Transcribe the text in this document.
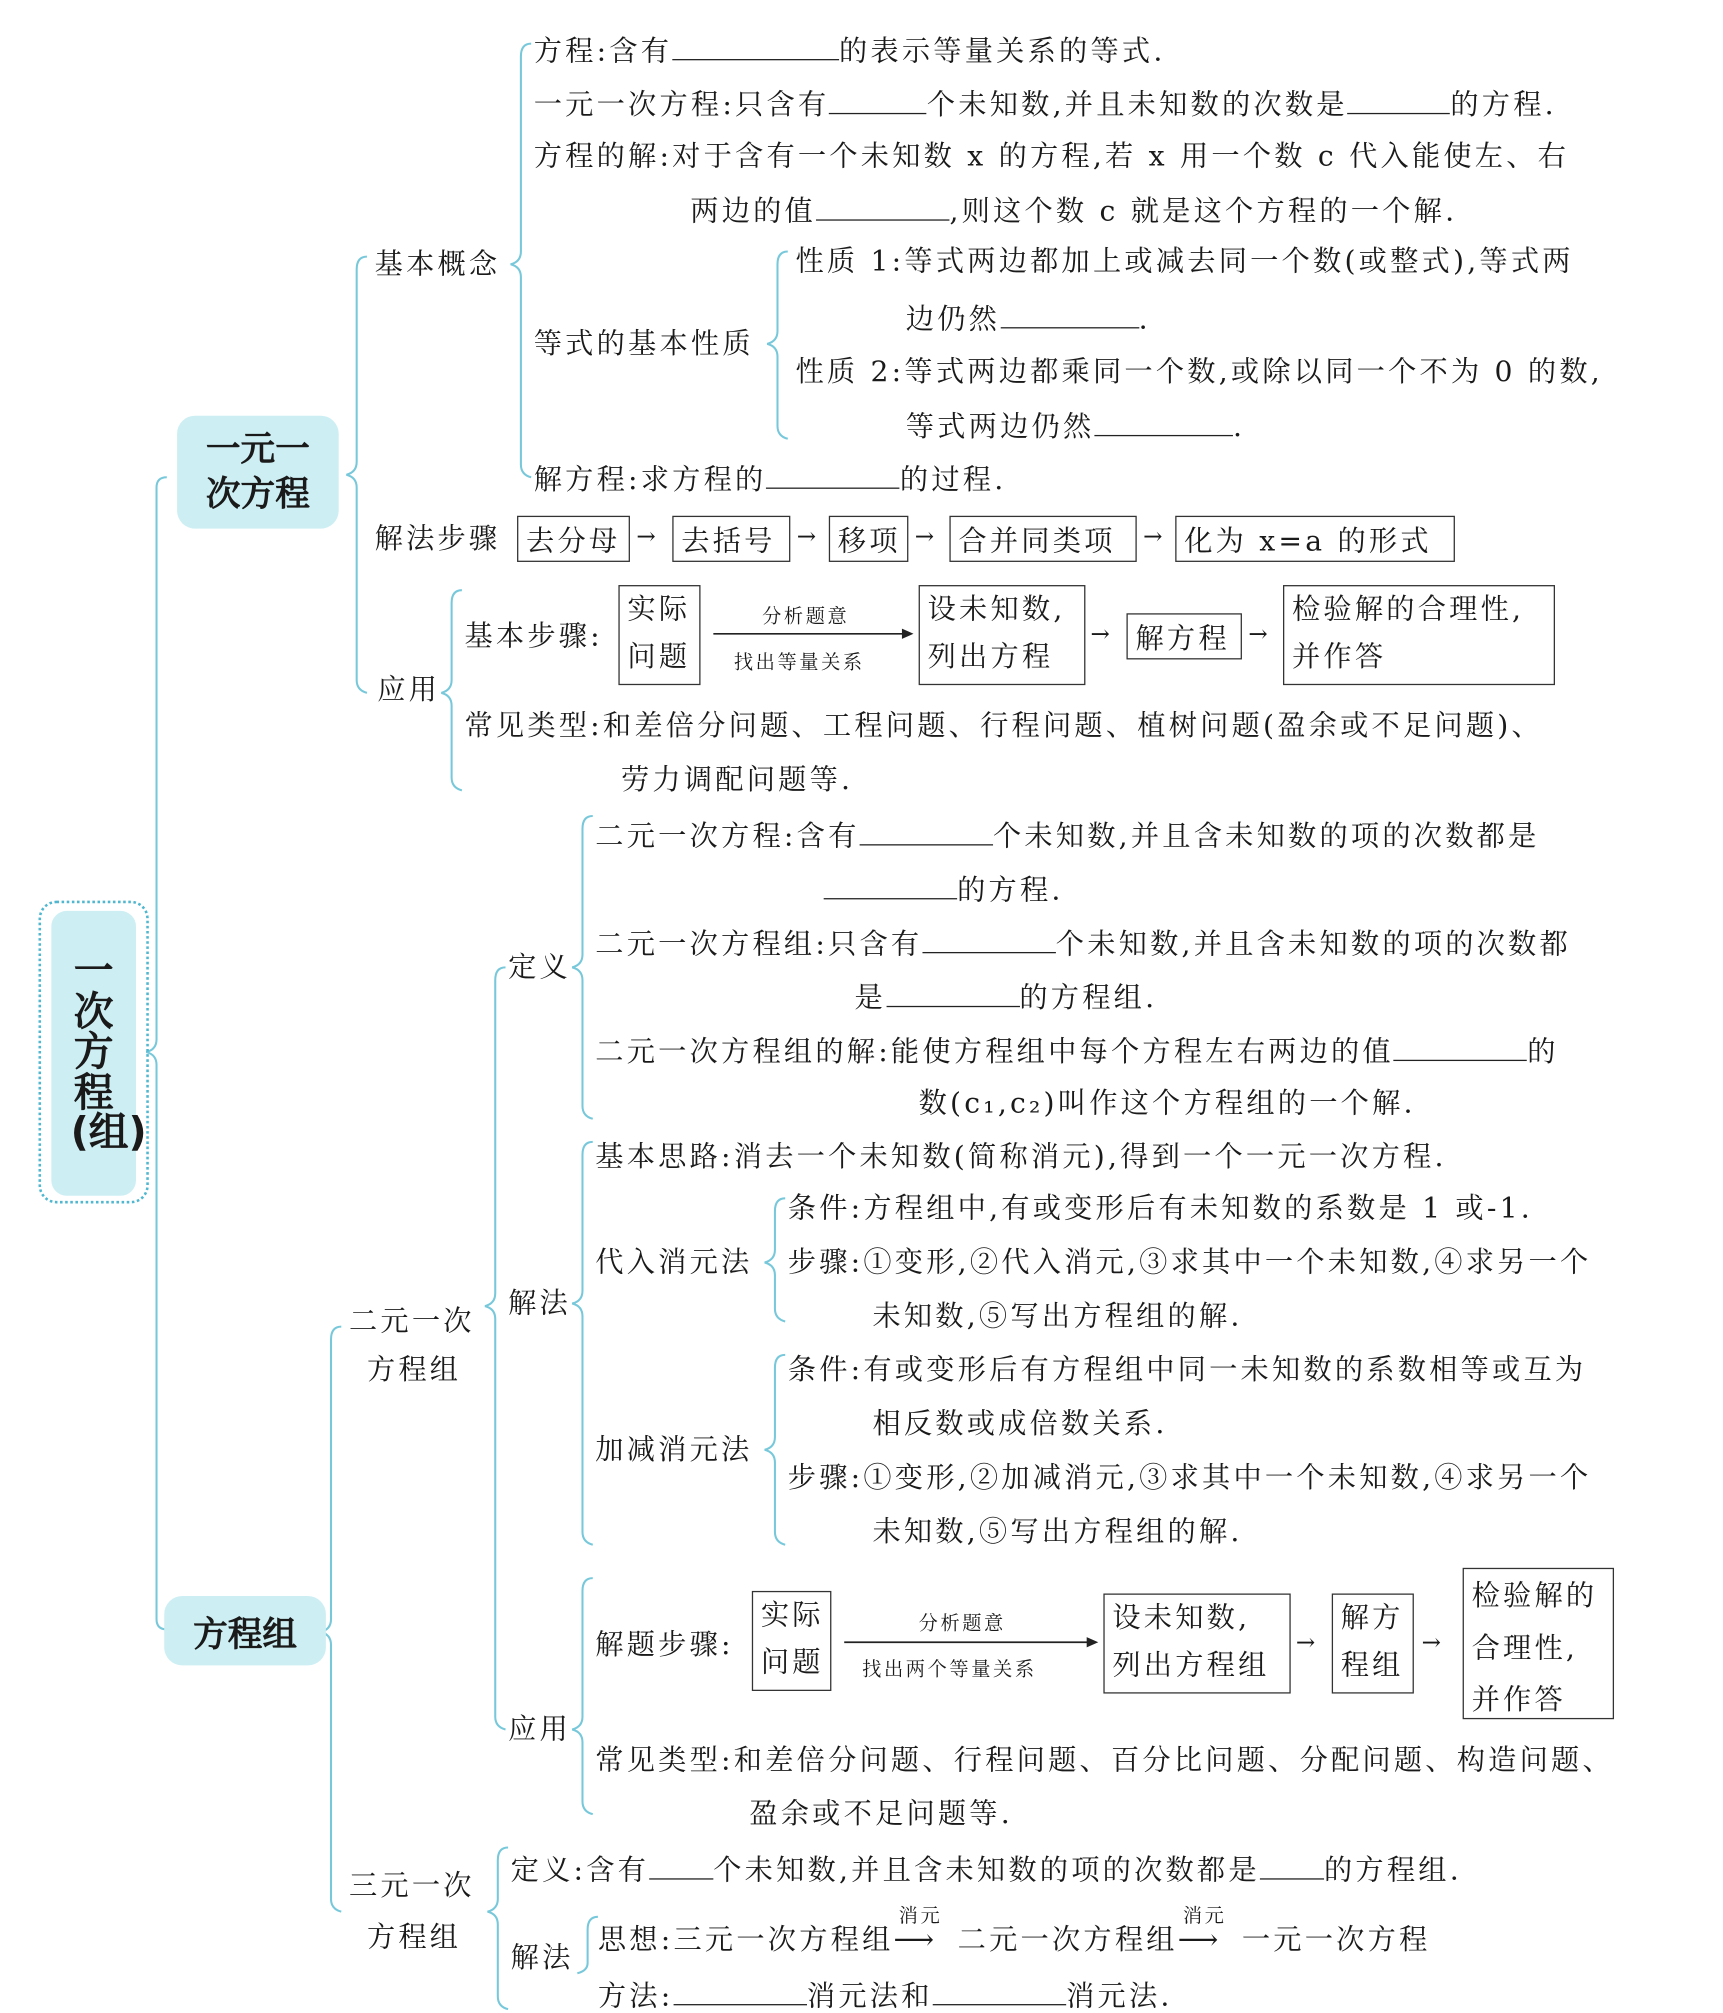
一次方程(组)
一元一次方程
方程组
基本概念
方程:含有	的表示等量关系的等式.
一元一次方程:只含有	个未知数,并且未知数的次数是	的方程.
方程的解:对于含有一个未知数 x 的方程,若 x 用一个数 c 代入能使左、右
两边的值	,则这个数 c 就是这个方程的一个解.
等式的基本性质
性质 1:等式两边都加上或减去同一个数(或整式),等式两
边仍然	.
性质 2:等式两边都乘同一个数,或除以同一个不为 0 的数,
等式两边仍然	.
解方程:求方程的	的过程.
解法步骤	去分母	去括号	移项	合并同类项	化为 x=a 的形式
→	→	→	→
应用
基本步骤:
实际
问题
分析题意
找出等量关系
设未知数,
列出方程
→	解方程	→
检验解的合理性,
并作答
常见类型:和差倍分问题、工程问题、行程问题、植树问题(盈余或不足问题)、
劳力调配问题等.
二元一次
方程组
定义
二元一次方程:含有	个未知数,并且含未知数的项的次数都是
的方程.
二元一次方程组:只含有	个未知数,并且含未知数的项的次数都
是	的方程组.
二元一次方程组的解:能使方程组中每个方程左右两边的值	的
数(c₁,c₂)叫作这个方程组的一个解.
解法
基本思路:消去一个未知数(简称消元),得到一个一元一次方程.
代入消元法
条件:方程组中,有或变形后有未知数的系数是 1 或-1.
步骤:①变形,②代入消元,③求其中一个未知数,④求另一个
未知数,⑤写出方程组的解.
加减消元法
条件:有或变形后有方程组中同一未知数的系数相等或互为
相反数或成倍数关系.
步骤:①变形,②加减消元,③求其中一个未知数,④求另一个
未知数,⑤写出方程组的解.
应用
解题步骤:
实际
问题
分析题意
找出两个等量关系
设未知数,
列出方程组
→
解方
程组
→
检验解的
合理性,
并作答
常见类型:和差倍分问题、行程问题、百分比问题、分配问题、构造问题、
盈余或不足问题等.
三元一次
方程组
定义:含有	个未知数,并且含未知数的项的次数都是	的方程组.
解法
思想:三元一次方程组
消元
⟶ 二元一次方程组
消元
⟶ 一元一次方程
方法:	消元法和	消元法.
